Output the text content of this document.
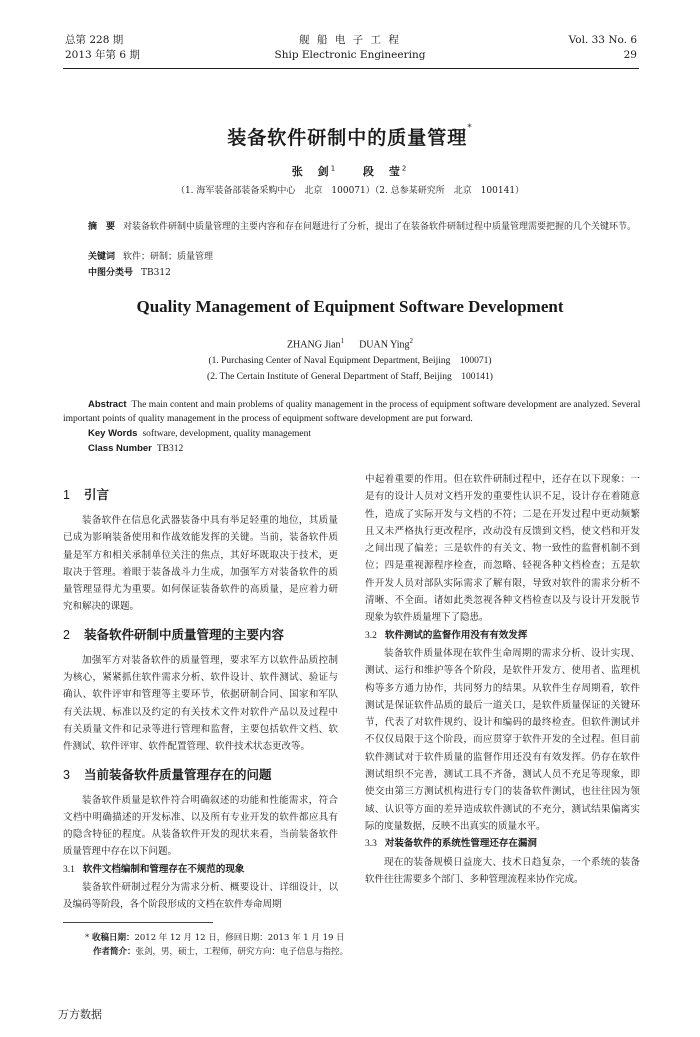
总第 228 期
2013 年第 6 期
舰 船 电 子 工 程
Ship Electronic Engineering
Vol. 33 No. 6
29
装备软件研制中的质量管理*
张　剑$^1$ 段　莹$^2$
（1. 海军装备部装备采购中心　北京　100071）（2. 总参某研究所　北京　100141）
摘　要 对装备软件研制中质量管理的主要内容和存在问题进行了分析，提出了在装备软件研制过程中质量管理需要把握的几个关键环节。
关键词 软件；研制；质量管理
中图分类号 TB312
Quality Management of Equipment Software Development
ZHANG Jian$^1$ DUAN Ying$^2$
(1. Purchasing Center of Naval Equipment Department, Beijing　100071)
(2. The Certain Institute of General Department of Staff, Beijing　100141)
Abstract The main content and main problems of quality management in the process of equipment software development are analyzed. Several important points of quality management in the process of equipment software development are put forward.
Key Words software, development, quality management
Class Number TB312
1 引言

装备软件在信息化武器装备中具有举足轻重的地位，其质量已成为影响装备使用和作战效能发挥的关键。当前，装备软件质量是军方和相关承制单位关注的焦点，其好坏既取决于技术，更取决于管理。着眼于装备战斗力生成，加强军方对装备软件的质量管理显得尤为重要。如何保证装备软件的高质量，是应着力研究和解决的课题。

2 装备软件研制中质量管理的主要内容

加强军方对装备软件的质量管理，要求军方以软件品质控制为核心，紧紧抓住软件需求分析、软件设计、软件测试、验证与确认、软件评审和管理等主要环节，依据研制合同、国家和军队有关法规、标准以及约定的有关技术文件对软件产品以及过程中有关质量文件和记录等进行管理和监督，主要包括软件文档、软件测试、软件评审、软件配置管理、软件技术状态更改等。

3 当前装备软件质量管理存在的问题

装备软件质量是软件符合明确叙述的功能和性能需求，符合文档中明确描述的开发标准、以及所有专业开发的软件都应具有的隐含特征的程度。从装备软件开发的现状来看，当前装备软件质量管理中存在以下问题。

3.1 软件文档编制和管理存在不规范的现象

装备软件研制过程分为需求分析、概要设计、详细设计，以及编码等阶段，各个阶段形成的文档在软件寿命周期

中起着重要的作用。但在软件研制过程中，还存在以下现象：一是有的设计人员对文档开发的重要性认识不足，设计存在着随意性，造成了实际开发与文档的不符；二是在开发过程中更动频繁且又未严格执行更改程序，改动没有反馈到文档，使文档和开发之间出现了偏差；三是软件的有关文、物一致性的监督机制不到位；四是重视源程序检查，而忽略、轻视各种文档检查；五是软件开发人员对部队实际需求了解有限，导致对软件的需求分析不清晰、不全面。诸如此类忽视各种文档检查以及与设计开发脱节现象为软件质量埋下了隐患。

3.2 软件测试的监督作用没有有效发挥

装备软件质量体现在软件生命周期的需求分析、设计实现、测试、运行和维护等各个阶段，是软件开发方、使用者、监理机构等多方通力协作，共同努力的结果。从软件生存周期看，软件测试是保证软件品质的最后一道关口，是软件质量保证的关键环节，代表了对软件规约、设计和编码的最终检查。但软件测试并不仅仅局限于这个阶段，而应贯穿于软件开发的全过程。但目前软件测试对于软件质量的监督作用还没有有效发挥。仍存在软件测试组织不完善，测试工具不齐备，测试人员不充足等现象，即使交由第三方测试机构进行专门的装备软件测试，也往往因为领域、认识等方面的差异造成软件测试的不充分，测试结果偏离实际的度量数据，反映不出真实的质量水平。

3.3 对装备软件的系统性管理还存在漏洞

现在的装备规模日益庞大、技术日趋复杂，一个系统的装备软件往往需要多个部门、多种管理流程来协作完成。

* 收稿日期：2012 年 12 月 12 日，修回日期：2013 年 1 月 19 日
作者简介：张剑，男，硕士，工程师，研究方向：电子信息与指控。
万方数据
